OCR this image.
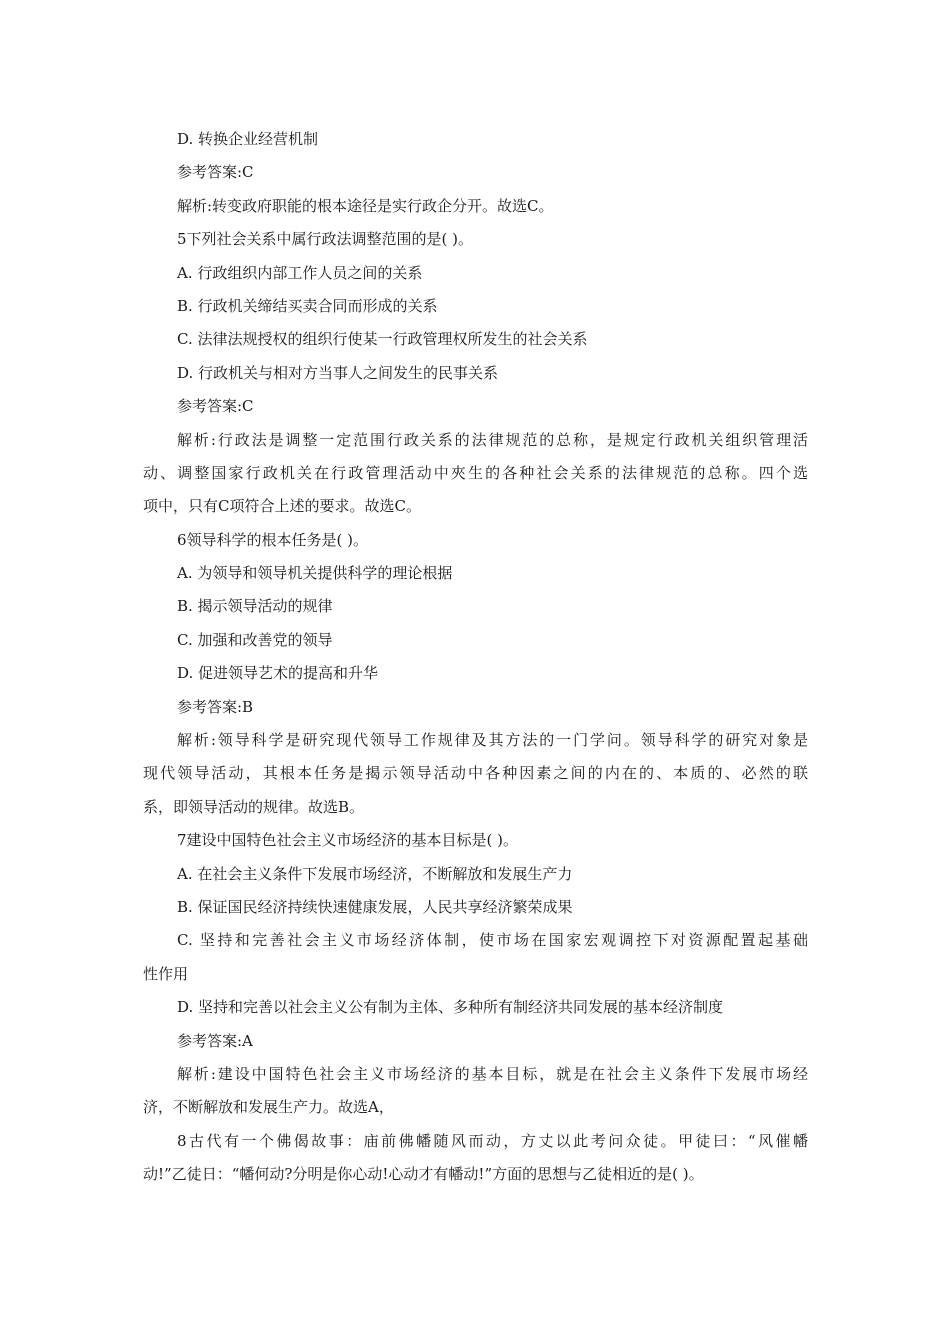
D. 转换企业经营机制
参考答案:C
解析:转变政府职能的根本途径是实行政企分开。故选C。
5下列社会关系中属行政法调整范围的是( )。
A. 行政组织内部工作人员之间的关系
B. 行政机关缔结买卖合同而形成的关系
C. 法律法规授权的组织行使某一行政管理权所发生的社会关系
D. 行政机关与相对方当事人之间发生的民事关系
参考答案:C
解析:行政法是调整一定范围行政关系的法律规范的总称，是规定行政机关组织管理活
动、调整国家行政机关在行政管理活动中夾生的各种社会关系的法律规范的总称。四个选
项中，只有C项符合上述的要求。故选C。
6领导科学的根本任务是( )。
A. 为领导和领导机关提供科学的理论根据
B. 揭示领导活动的规律
C. 加强和改善党的领导
D. 促进领导艺术的提高和升华
参考答案:B
解析:领导科学是研究现代领导工作规律及其方法的一门学问。领导科学的研究对象是
现代领导活动，其根本任务是揭示领导活动中各种因素之间的内在的、本质的、必然的联
系，即领导活动的规律。故选B。
7建设中国特色社会主义市场经济的基本目标是( )。
A. 在社会主义条件下发展市场经济，不断解放和发展生产力
B. 保证国民经济持续快速健康发展，人民共享经济繁荣成果
C. 坚持和完善社会主义市场经济体制，使市场在国家宏观调控下对资源配置起基础
性作用
D. 坚持和完善以社会主义公有制为主体、多种所有制经济共同发展的基本经济制度
参考答案:A
解析:建设中国特色社会主义市场经济的基本目标，就是在社会主义条件下发展市场经
济，不断解放和发展生产力。故选A，
8古代有一个佛偈故事：庙前佛幡随风而动，方丈以此考问众徒。甲徒曰：“风催幡
动!”乙徒日：“幡何动?分明是你心动!心动才有幡动!”方面的思想与乙徒相近的是( )。
